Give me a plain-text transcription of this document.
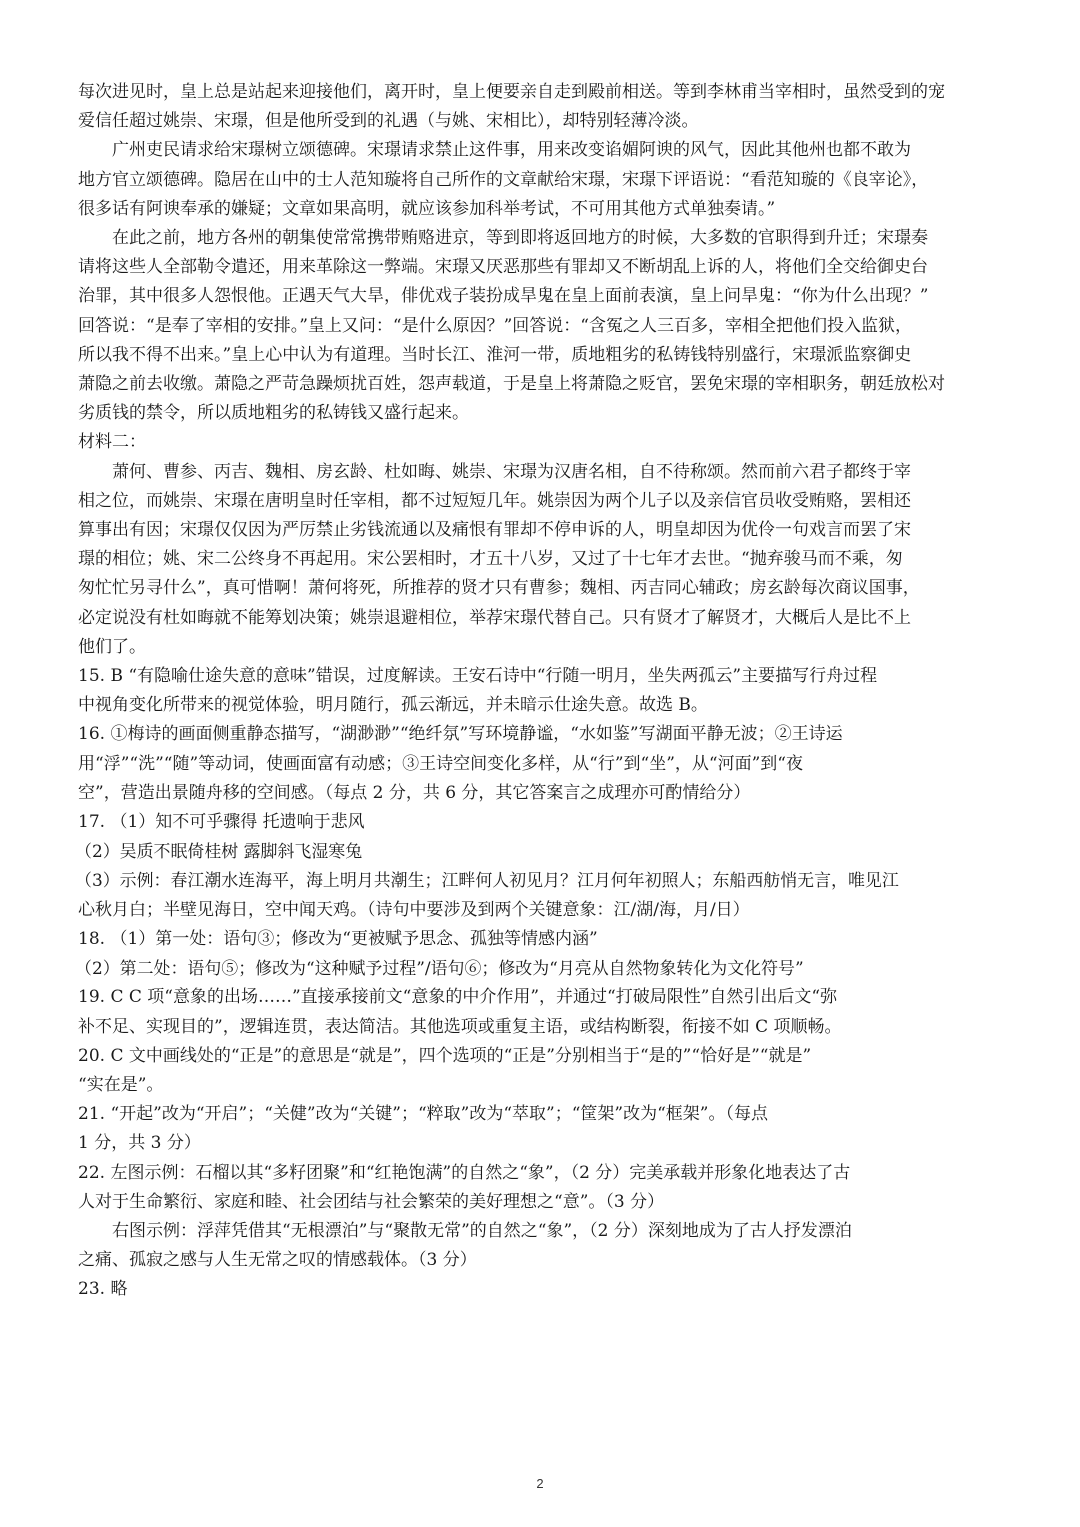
每次进见时，皇上总是站起来迎接他们，离开时，皇上便要亲自走到殿前相送。等到李林甫当宰相时，虽然受到的宠

爱信任超过姚崇、宋璟，但是他所受到的礼遇（与姚、宋相比），却特别轻薄冷淡。

广州吏民请求给宋璟树立颂德碑。宋璟请求禁止这件事，用来改变谄媚阿谀的风气，因此其他州也都不敢为

地方官立颂德碑。隐居在山中的士人范知璇将自己所作的文章献给宋璟，宋璟下评语说：“看范知璇的《良宰论》，

很多话有阿谀奉承的嫌疑；文章如果高明，就应该参加科举考试，不可用其他方式单独奏请。”

在此之前，地方各州的朝集使常常携带贿赂进京，等到即将返回地方的时候，大多数的官职得到升迁；宋璟奏

请将这些人全部勒令遣还，用来革除这一弊端。宋璟又厌恶那些有罪却又不断胡乱上诉的人，将他们全交给御史台

治罪，其中很多人怨恨他。正遇天气大旱，俳优戏子装扮成旱鬼在皇上面前表演，皇上问旱鬼：“你为什么出现？”

回答说：“是奉了宰相的安排。”皇上又问：“是什么原因？”回答说：“含冤之人三百多，宰相全把他们投入监狱，

所以我不得不出来。”皇上心中认为有道理。当时长江、淮河一带，质地粗劣的私铸钱特别盛行，宋璟派监察御史

萧隐之前去收缴。萧隐之严苛急躁烦扰百姓，怨声载道，于是皇上将萧隐之贬官，罢免宋璟的宰相职务，朝廷放松对

劣质钱的禁令，所以质地粗劣的私铸钱又盛行起来。

材料二：

萧何、曹参、丙吉、魏相、房玄龄、杜如晦、姚崇、宋璟为汉唐名相，自不待称颂。然而前六君子都终于宰

相之位，而姚崇、宋璟在唐明皇时任宰相，都不过短短几年。姚崇因为两个儿子以及亲信官员收受贿赂，罢相还

算事出有因；宋璟仅仅因为严厉禁止劣钱流通以及痛恨有罪却不停申诉的人，明皇却因为优伶一句戏言而罢了宋

璟的相位；姚、宋二公终身不再起用。宋公罢相时，才五十八岁，又过了十七年才去世。“抛弃骏马而不乘，匆

匆忙忙另寻什么”，真可惜啊！萧何将死，所推荐的贤才只有曹参；魏相、丙吉同心辅政；房玄龄每次商议国事，

必定说没有杜如晦就不能筹划决策；姚崇退避相位，举荐宋璟代替自己。只有贤才了解贤才，大概后人是比不上

他们了。

15. B “有隐喻仕途失意的意味”错误，过度解读。王安石诗中“行随一明月，坐失两孤云”主要描写行舟过程

中视角变化所带来的视觉体验，明月随行，孤云渐远，并未暗示仕途失意。故选 B。

16. ①梅诗的画面侧重静态描写，“湖渺渺”“绝纤氛”写环境静谧，“水如鉴”写湖面平静无波；②王诗运

用“浮”“洗”“随”等动词，使画面富有动感；③王诗空间变化多样，从“行”到“坐”，从“河面”到“夜

空”，营造出景随舟移的空间感。（每点 2 分，共 6 分，其它答案言之成理亦可酌情给分）

17. （1）知不可乎骤得 托遗响于悲风

（2）吴质不眠倚桂树 露脚斜飞湿寒兔

（3）示例：春江潮水连海平，海上明月共潮生；江畔何人初见月？江月何年初照人；东船西舫悄无言，唯见江

心秋月白；半壁见海日，空中闻天鸡。（诗句中要涉及到两个关键意象：江/湖/海，月/日）

18. （1）第一处：语句③；修改为“更被赋予思念、孤独等情感内涵”

（2）第二处：语句⑤；修改为“这种赋予过程”/语句⑥；修改为“月亮从自然物象转化为文化符号”

19. C C 项“意象的出场……”直接承接前文“意象的中介作用”，并通过“打破局限性”自然引出后文“弥

补不足、实现目的”，逻辑连贯，表达简洁。其他选项或重复主语，或结构断裂，衔接不如 C 项顺畅。

20. C 文中画线处的“正是”的意思是“就是”，四个选项的“正是”分别相当于“是的”“恰好是”“就是”

“实在是”。

21. “开起”改为“开启”；“关健”改为“关键”；“粹取”改为“萃取”；“筐架”改为“框架”。（每点

1 分，共 3 分）

22. 左图示例：石榴以其“多籽团聚”和“红艳饱满”的自然之“象”，（2 分）完美承载并形象化地表达了古

人对于生命繁衍、家庭和睦、社会团结与社会繁荣的美好理想之“意”。（3 分）

右图示例：浮萍凭借其“无根漂泊”与“聚散无常”的自然之“象”，（2 分）深刻地成为了古人抒发漂泊

之痛、孤寂之感与人生无常之叹的情感载体。（3 分）

23. 略

2
